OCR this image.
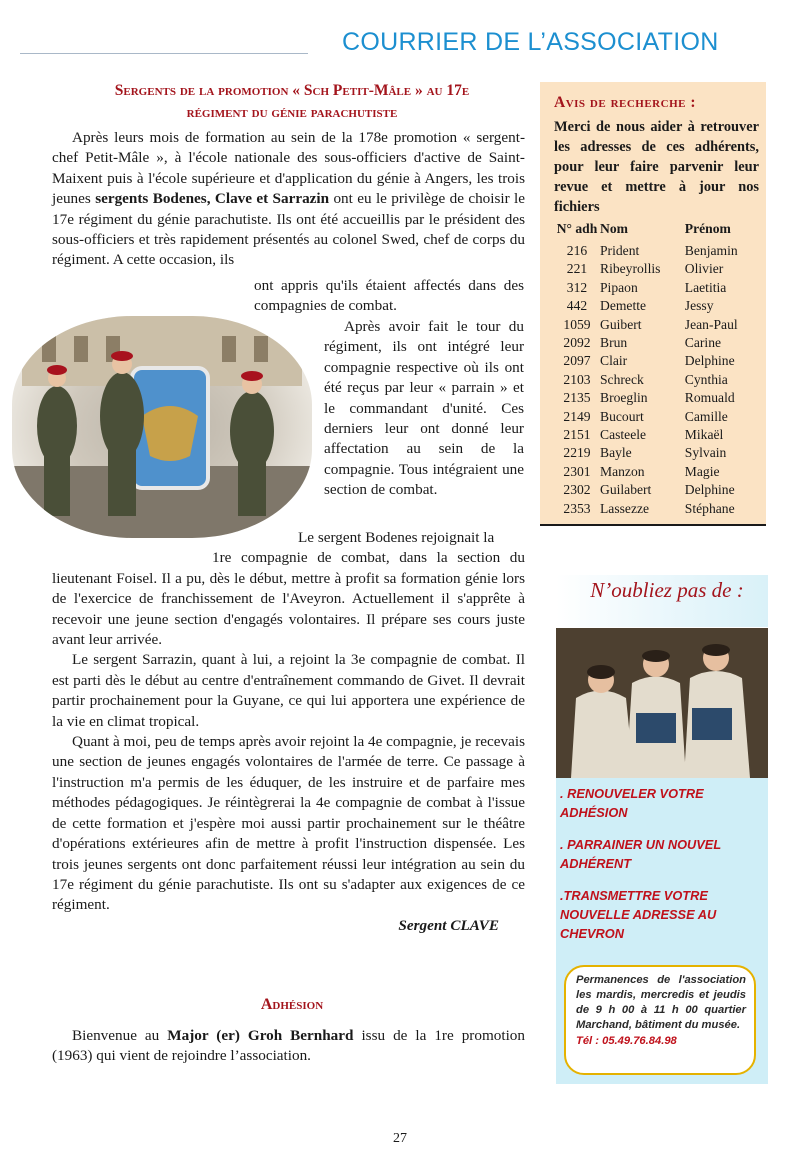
COURRIER DE L’ASSOCIATION
Sergents de la promotion « Sch Petit-Mâle » au 17e
régiment du génie parachutiste

Après leurs mois de formation au sein de la 178e promotion « sergent-chef Petit-Mâle », à l'école nationale des sous-officiers d'active de Saint-Maixent puis à l'école supérieure et d'application du génie à Angers, les trois jeunes sergents Bodenes, Clave et Sarrazin ont eu le privilège de choisir le 17e régiment du génie parachutiste. Ils ont été accueillis par le président des sous-officiers et très rapidement présentés au colonel Swed, chef de corps du régiment. A cette occasion, ils

ont appris qu'ils étaient affectés dans des compagnies de combat.

Après avoir fait le tour du régiment, ils ont intégré leur compagnie respective où ils ont été reçus par leur « parrain » et le commandant d'unité. Ces derniers leur ont donné leur affectation au sein de la compagnie. Tous intégraient une section de combat.

Le sergent Bodenes rejoignait la

1re compagnie de combat, dans la section du lieutenant Foisel. Il a pu, dès le début, mettre à profit sa formation génie lors de l'exercice de franchissement de l'Aveyron. Actuellement il s'apprête à recevoir une jeune section d'engagés volontaires. Il prépare ses cours juste avant leur arrivée.

Le sergent Sarrazin, quant à lui, a rejoint la 3e compagnie de combat. Il est parti dès le début au centre d'entraînement commando de Givet. Il devrait partir prochainement pour la Guyane, ce qui lui apportera une expérience de la vie en climat tropical.

Quant à moi, peu de temps après avoir rejoint la 4e compagnie, je recevais une section de jeunes engagés volontaires de l'armée de terre. Ce passage à l'instruction m'a permis de les éduquer, de les instruire et de parfaire mes méthodes pédagogiques. Je réintègrerai la 4e compagnie de combat à l'issue de cette formation et j'espère moi aussi partir prochainement sur le théâtre d'opérations extérieures afin de mettre à profit l'instruction dispensée. Les trois jeunes sergents ont donc parfaitement réussi leur intégration au sein du 17e régiment du génie parachutiste. Ils ont su s'adapter aux exigences de ce régiment.

Sergent CLAVE

Adhésion

Bienvenue au Major (er) Groh Bernhard issu de la 1re promotion (1963) qui vient de rejoindre l’association.

Avis de recherche :
Merci de nous aider à retrouver les adresses de ces adhérents, pour leur faire parvenir leur revue et mettre à jour nos fichiers
N° adh	Nom	Prénom
216	Prident	Benjamin
221	Ribeyrollis	Olivier
312	Pipaon	Laetitia
442	Demette	Jessy
1059	Guibert	Jean-Paul
2092	Brun	Carine
2097	Clair	Delphine
2103	Schreck	Cynthia
2135	Broeglin	Romuald
2149	Bucourt	Camille
2151	Casteele	Mikaël
2219	Bayle	Sylvain
2301	Manzon	Magie
2302	Guilabert	Delphine
2353	Lassezze	Stéphane
N’oubliez pas de :
. RENOUVELER VOTRE ADHÉSION
. PARRAINER UN NOUVEL ADHÉRENT
.TRANSMETTRE VOTRE NOUVELLE ADRESSE AU CHEVRON
Permanences de l'association les mardis, mercredis et jeudis de 9 h 00 à 11 h 00 quartier Marchand, bâtiment du musée.
Tél : 05.49.76.84.98
27
